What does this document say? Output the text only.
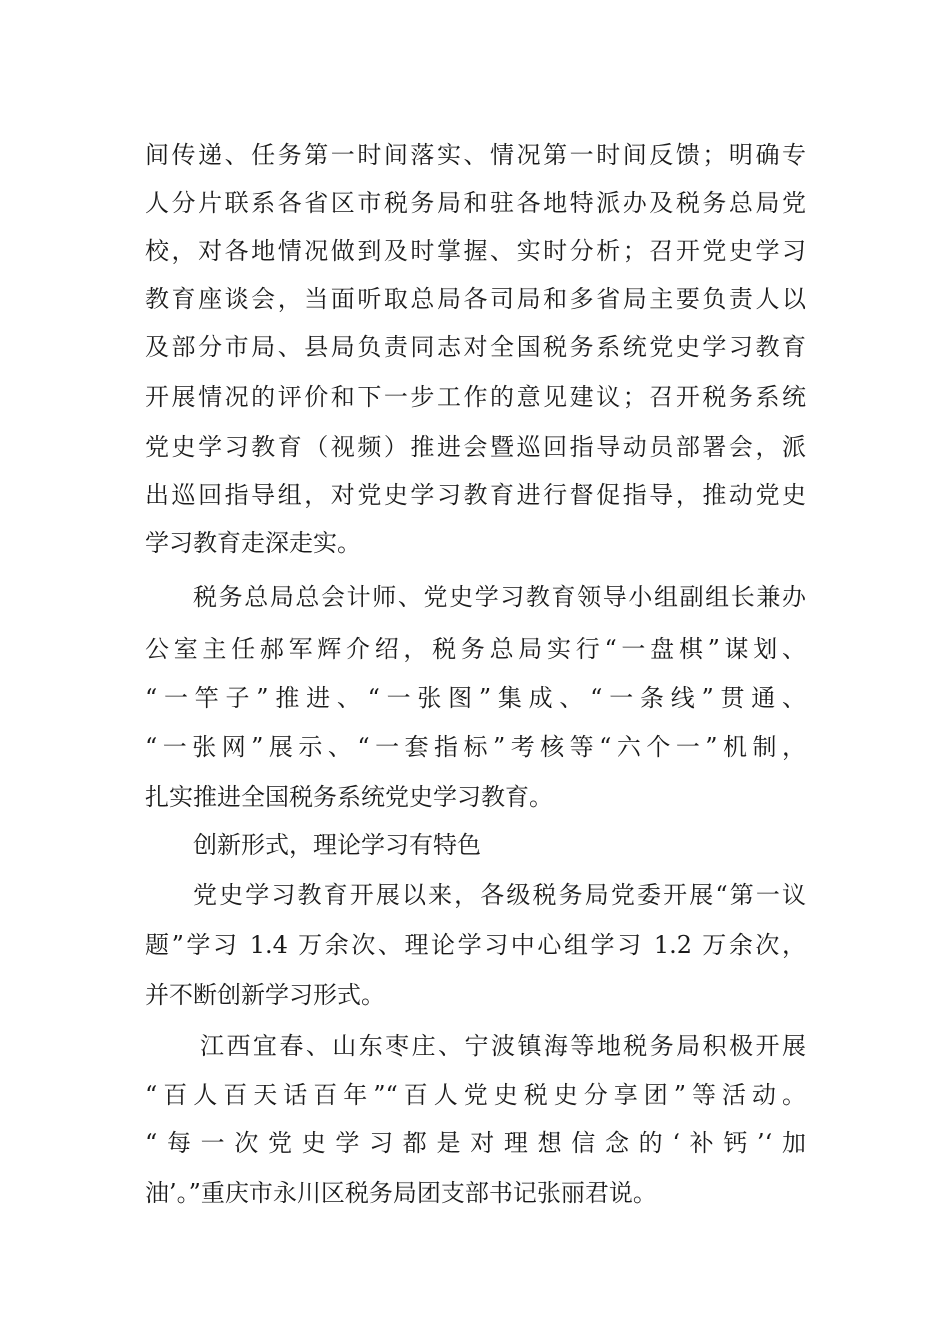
间传递、任务第一时间落实、情况第一时间反馈；明确专
人分片联系各省区市税务局和驻各地特派办及税务总局党
校，对各地情况做到及时掌握、实时分析；召开党史学习
教育座谈会，当面听取总局各司局和多省局主要负责人以
及部分市局、县局负责同志对全国税务系统党史学习教育
开展情况的评价和下一步工作的意见建议；召开税务系统
党史学习教育（视频）推进会暨巡回指导动员部署会，派
出巡回指导组，对党史学习教育进行督促指导，推动党史
学习教育走深走实。
税务总局总会计师、党史学习教育领导小组副组长兼办
公室主任郝军辉介绍，税务总局实行“一盘棋”谋划、
“一竿子”推进、“一张图”集成、“一条线”贯通、
“一张网”展示、“一套指标”考核等“六个一”机制，
扎实推进全国税务系统党史学习教育。
创新形式，理论学习有特色
党史学习教育开展以来，各级税务局党委开展“第一议
题”学习 1.4 万余次、理论学习中心组学习 1.2 万余次，
并不断创新学习形式。
江西宜春、山东枣庄、宁波镇海等地税务局积极开展
“百人百天话百年”“百人党史税史分享团”等活动。
“每一次党史学习都是对理想信念的‘补钙’‘加
油’。”重庆市永川区税务局团支部书记张丽君说。
